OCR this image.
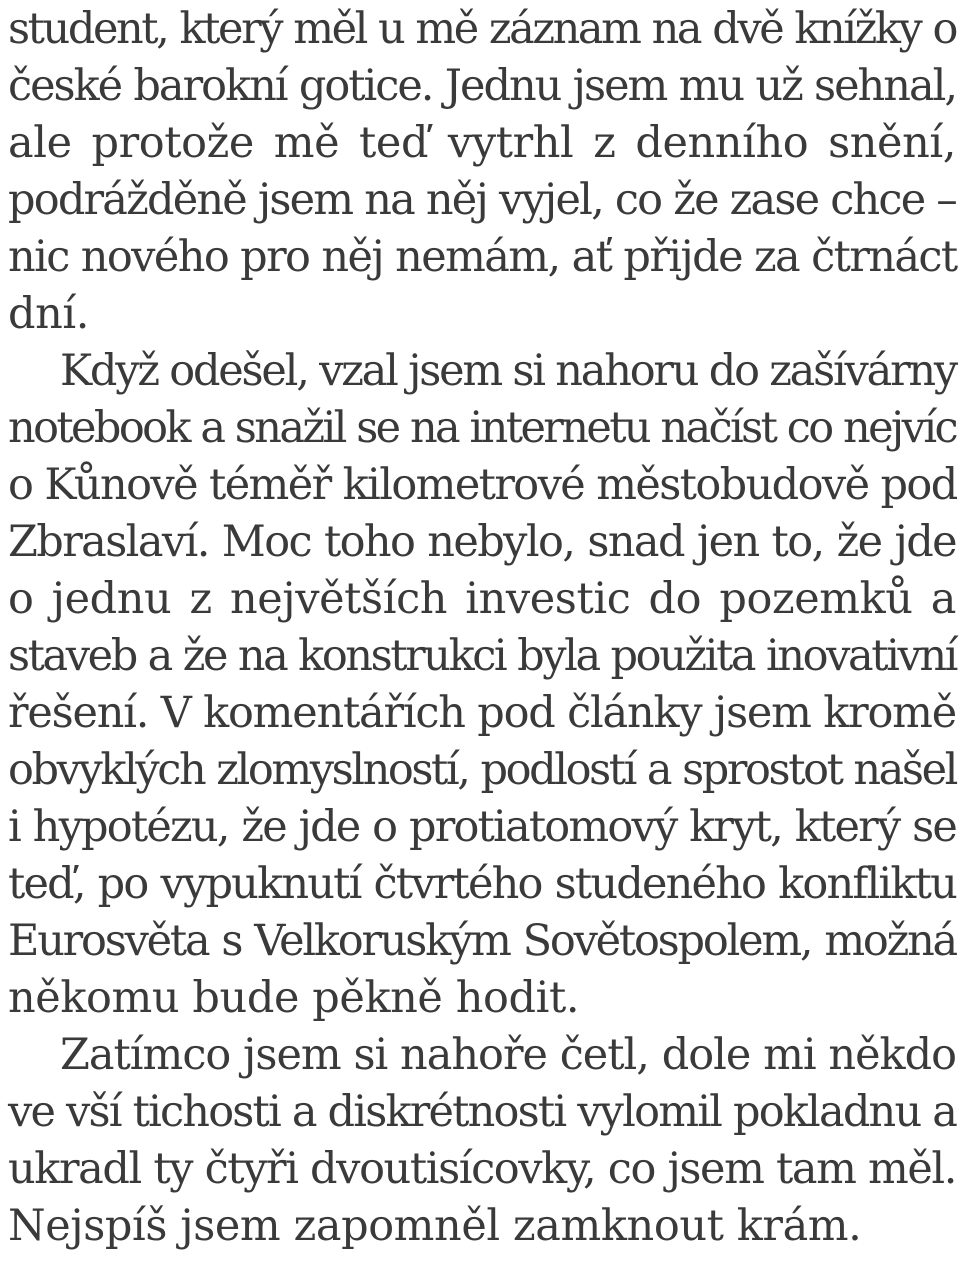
student, který měl u mě záznam na dvě knížky o
české barokní gotice. Jednu jsem mu už sehnal,
ale protože mě teď vytrhl z denního snění,
podrážděně jsem na něj vyjel, co že zase chce –
nic nového pro něj nemám, ať přijde za čtrnáct
dní.
Když odešel, vzal jsem si nahoru do zašívárny
notebook a snažil se na internetu načíst co nejvíc
o Kůnově téměř kilometrové městobudově pod
Zbraslaví. Moc toho nebylo, snad jen to, že jde
o jednu z největších investic do pozemků a
staveb a že na konstrukci byla použita inovativní
řešení. V komentářích pod články jsem kromě
obvyklých zlomyslností, podlostí a sprostot našel
i hypotézu, že jde o protiatomový kryt, který se
teď, po vypuknutí čtvrtého studeného konfliktu
Eurosvěta s Velkoruským Sovětospolem, možná
někomu bude pěkně hodit.
Zatímco jsem si nahoře četl, dole mi někdo
ve vší tichosti a diskrétnosti vylomil pokladnu a
ukradl ty čtyři dvoutisícovky, co jsem tam měl.
Nejspíš jsem zapomněl zamknout krám.
